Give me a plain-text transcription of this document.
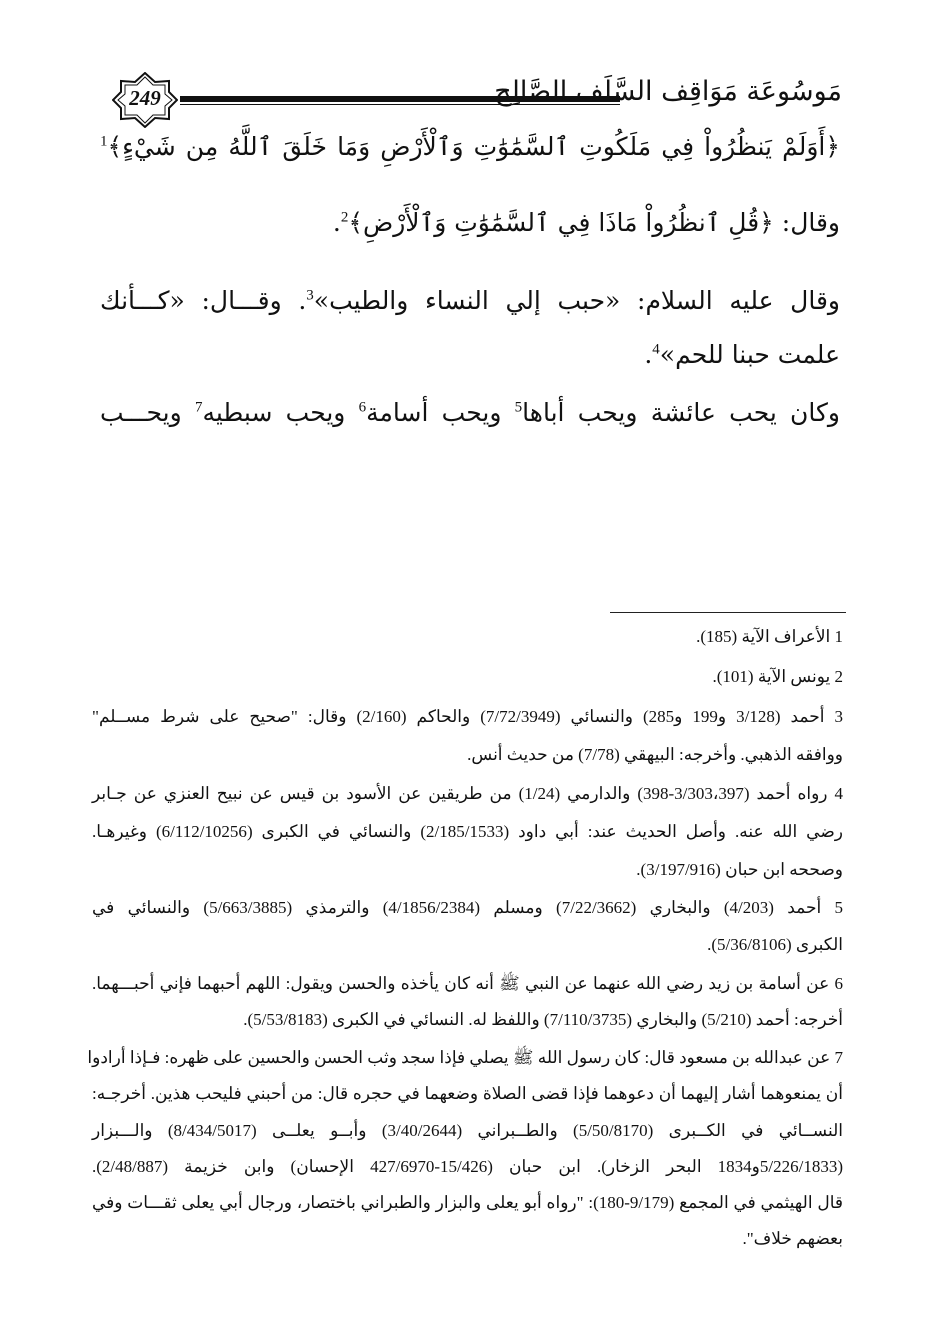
249	مَوسُوعَة مَوَاقِف السَّلَف الصَّالِح
﴿أَوَلَمْ يَنظُرُواْ فِي مَلَكُوتِ ٱلسَّمَٰوَٰتِ وَٱلْأَرْضِ وَمَا خَلَقَ ٱللَّهُ مِن شَيْءٍ﴾$^1$
وقال: ﴿قُلِ ٱنظُرُواْ مَاذَا فِي ٱلسَّمَٰوَٰتِ وَٱلْأَرْضِ﴾$^2$.
وقال عليه السلام: «حبب إلي النساء والطيب»$^3$. وقـــال: «كـــأنك
علمت حبنا للحم»$^4$.
وكان يحب عائشة ويحب أباها$^5$ ويحب أسامة$^6$ ويحب سبطيه$^7$ ويحـــب
1 الأعراف الآية (185).
2 يونس الآية (101).
3 أحمد (3/128 و199 و285) والنسائي (7/72/3949) والحاكم (2/160) وقال: "صحيح على شرط مســلم"
ووافقه الذهبي. وأخرجه: البيهقي (7/78) من حديث أنس.
4 رواه أحمد (3/303،397-398) والدارمي (1/24) من طريقين عن الأسود بن قيس عن نبيح العنزي عن جـابر
رضي الله عنه. وأصل الحديث عند: أبي داود (2/185/1533) والنسائي في الكبرى (6/112/10256) وغيرهـا.
وصححه ابن حبان (3/197/916).
5 أحمد (4/203) والبخاري (7/22/3662) ومسلم (4/1856/2384) والترمذي (5/663/3885) والنسائي في
الكبرى (5/36/8106).
6 عن أسامة بن زيد رضي الله عنهما عن النبي ﷺ أنه كان يأخذه والحسن ويقول: اللهم أحبهما فإني أحبـــهما.
أخرجه: أحمد (5/210) والبخاري (7/110/3735) واللفظ له. النسائي في الكبرى (5/53/8183).
7 عن عبدالله بن مسعود قال: كان رسول الله ﷺ يصلي فإذا سجد وثب الحسن والحسين على ظهره: فـإذا أرادوا
أن يمنعوهما أشار إليهما أن دعوهما فإذا قضى الصلاة وضعهما في حجره قال: من أحبني فليحب هذين. أخرجـه:
النســائي في الكــبرى (5/50/8170) والطــبراني (3/40/2644) وأبــو يعلــى (8/434/5017) والـــبزار
(5/226/1833و1834 البحر الزخار). ابن حبان (15/426-427/6970 الإحسان) وابن خزيمة (2/48/887).
قال الهيثمي في المجمع (9/179-180): "رواه أبو يعلى والبزار والطبراني باختصار، ورجال أبي يعلى ثقـــات وفي
بعضهم خلاف".
